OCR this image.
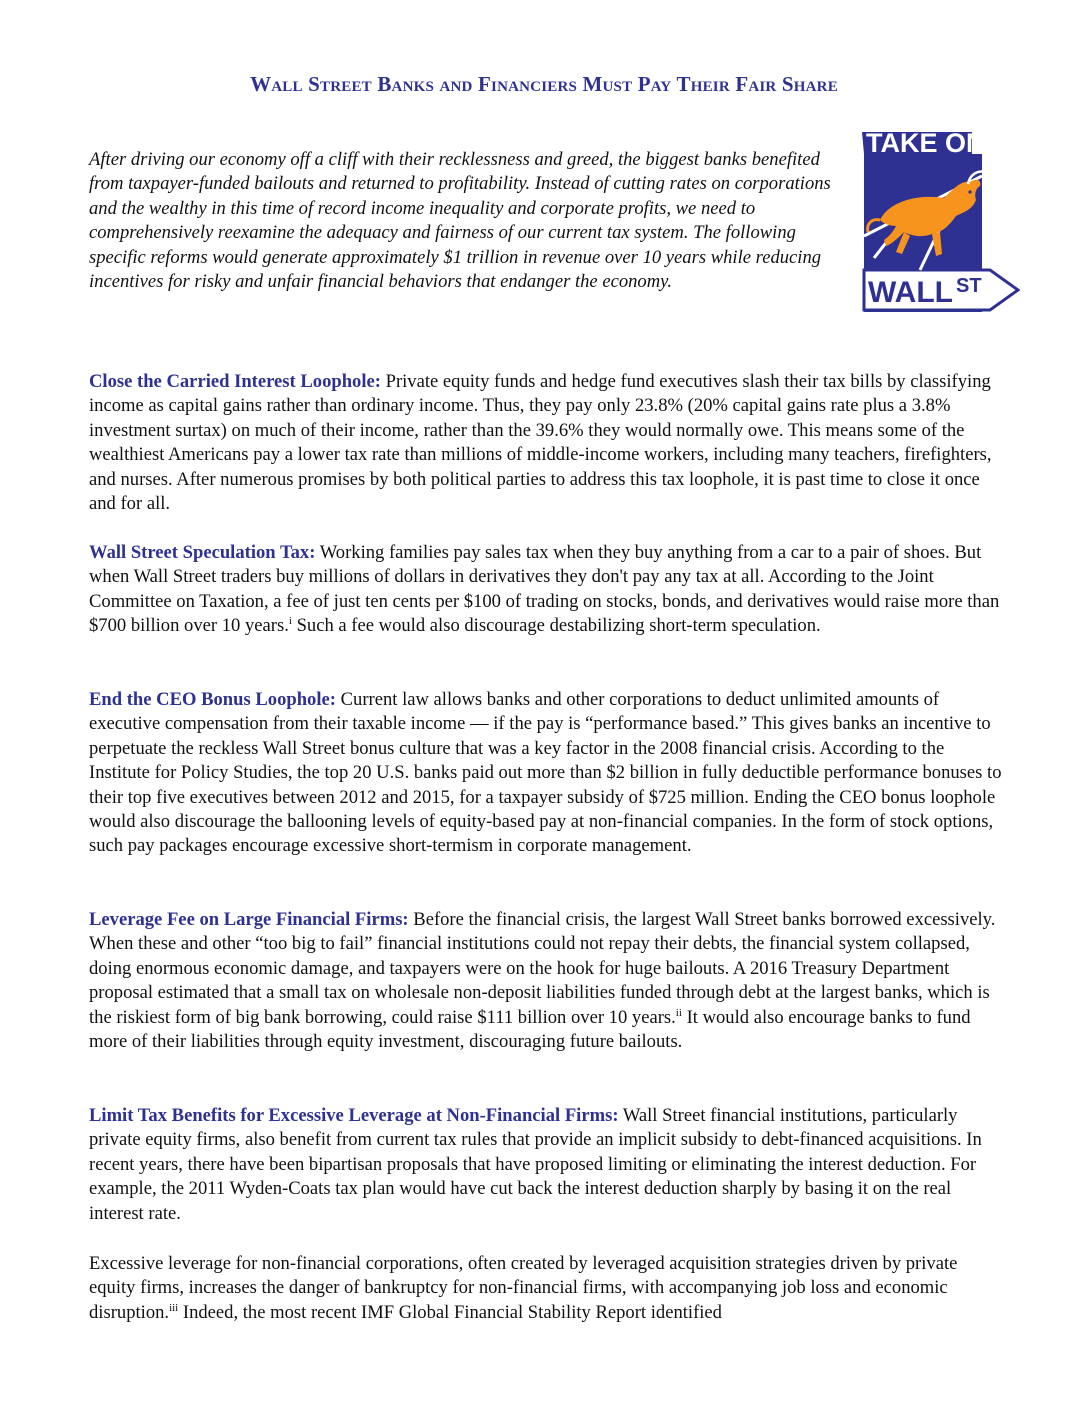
Wall Street Banks and Financiers Must Pay Their Fair Share
After driving our economy off a cliff with their recklessness and greed, the biggest banks benefited from taxpayer-funded bailouts and returned to profitability. Instead of cutting rates on corporations and the wealthy in this time of record income inequality and corporate profits, we need to comprehensively reexamine the adequacy and fairness of our current tax system. The following specific reforms would generate approximately $1 trillion in revenue over 10 years while reducing incentives for risky and unfair financial behaviors that endanger the economy.
TAKE ON
WALL ST
Close the Carried Interest Loophole: Private equity funds and hedge fund executives slash their tax bills by classifying income as capital gains rather than ordinary income. Thus, they pay only 23.8% (20% capital gains rate plus a 3.8% investment surtax) on much of their income, rather than the 39.6% they would normally owe. This means some of the wealthiest Americans pay a lower tax rate than millions of middle-income workers, including many teachers, firefighters, and nurses. After numerous promises by both political parties to address this tax loophole, it is past time to close it once and for all.
Wall Street Speculation Tax: Working families pay sales tax when they buy anything from a car to a pair of shoes. But when Wall Street traders buy millions of dollars in derivatives they don't pay any tax at all. According to the Joint Committee on Taxation, a fee of just ten cents per $100 of trading on stocks, bonds, and derivatives would raise more than $700 billion over 10 years.$^i$ Such a fee would also discourage destabilizing short-term speculation.
End the CEO Bonus Loophole: Current law allows banks and other corporations to deduct unlimited amounts of executive compensation from their taxable income — if the pay is “performance based.” This gives banks an incentive to perpetuate the reckless Wall Street bonus culture that was a key factor in the 2008 financial crisis. According to the Institute for Policy Studies, the top 20 U.S. banks paid out more than $2 billion in fully deductible performance bonuses to their top five executives between 2012 and 2015, for a taxpayer subsidy of $725 million. Ending the CEO bonus loophole would also discourage the ballooning levels of equity-based pay at non-financial companies. In the form of stock options, such pay packages encourage excessive short-termism in corporate management.
Leverage Fee on Large Financial Firms: Before the financial crisis, the largest Wall Street banks borrowed excessively. When these and other “too big to fail” financial institutions could not repay their debts, the financial system collapsed, doing enormous economic damage, and taxpayers were on the hook for huge bailouts. A 2016 Treasury Department proposal estimated that a small tax on wholesale non-deposit liabilities funded through debt at the largest banks, which is the riskiest form of big bank borrowing, could raise $111 billion over 10 years.$^{ii}$ It would also encourage banks to fund more of their liabilities through equity investment, discouraging future bailouts.
Limit Tax Benefits for Excessive Leverage at Non-Financial Firms: Wall Street financial institutions, particularly private equity firms, also benefit from current tax rules that provide an implicit subsidy to debt-financed acquisitions. In recent years, there have been bipartisan proposals that have proposed limiting or eliminating the interest deduction. For example, the 2011 Wyden-Coats tax plan would have cut back the interest deduction sharply by basing it on the real interest rate.
Excessive leverage for non-financial corporations, often created by leveraged acquisition strategies driven by private equity firms, increases the danger of bankruptcy for non-financial firms, with accompanying job loss and economic disruption.$^{iii}$ Indeed, the most recent IMF Global Financial Stability Report identified
